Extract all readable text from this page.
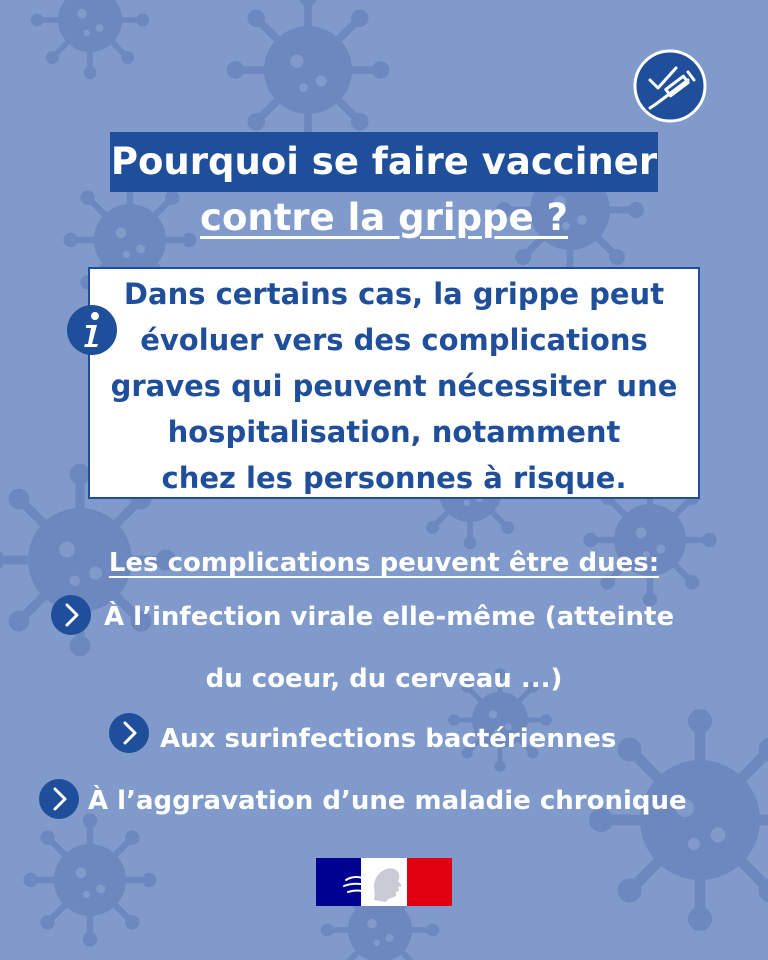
Pourquoi se faire vacciner
contre la grippe ?
Dans certains cas, la grippe peut
évoluer vers des complications
graves qui peuvent nécessiter une
hospitalisation, notamment
chez les personnes à risque.
Les complications peuvent être dues:
À l’infection virale elle-même (atteinte
du coeur, du cerveau ...)
Aux surinfections bactériennes
À l’aggravation d’une maladie chronique
